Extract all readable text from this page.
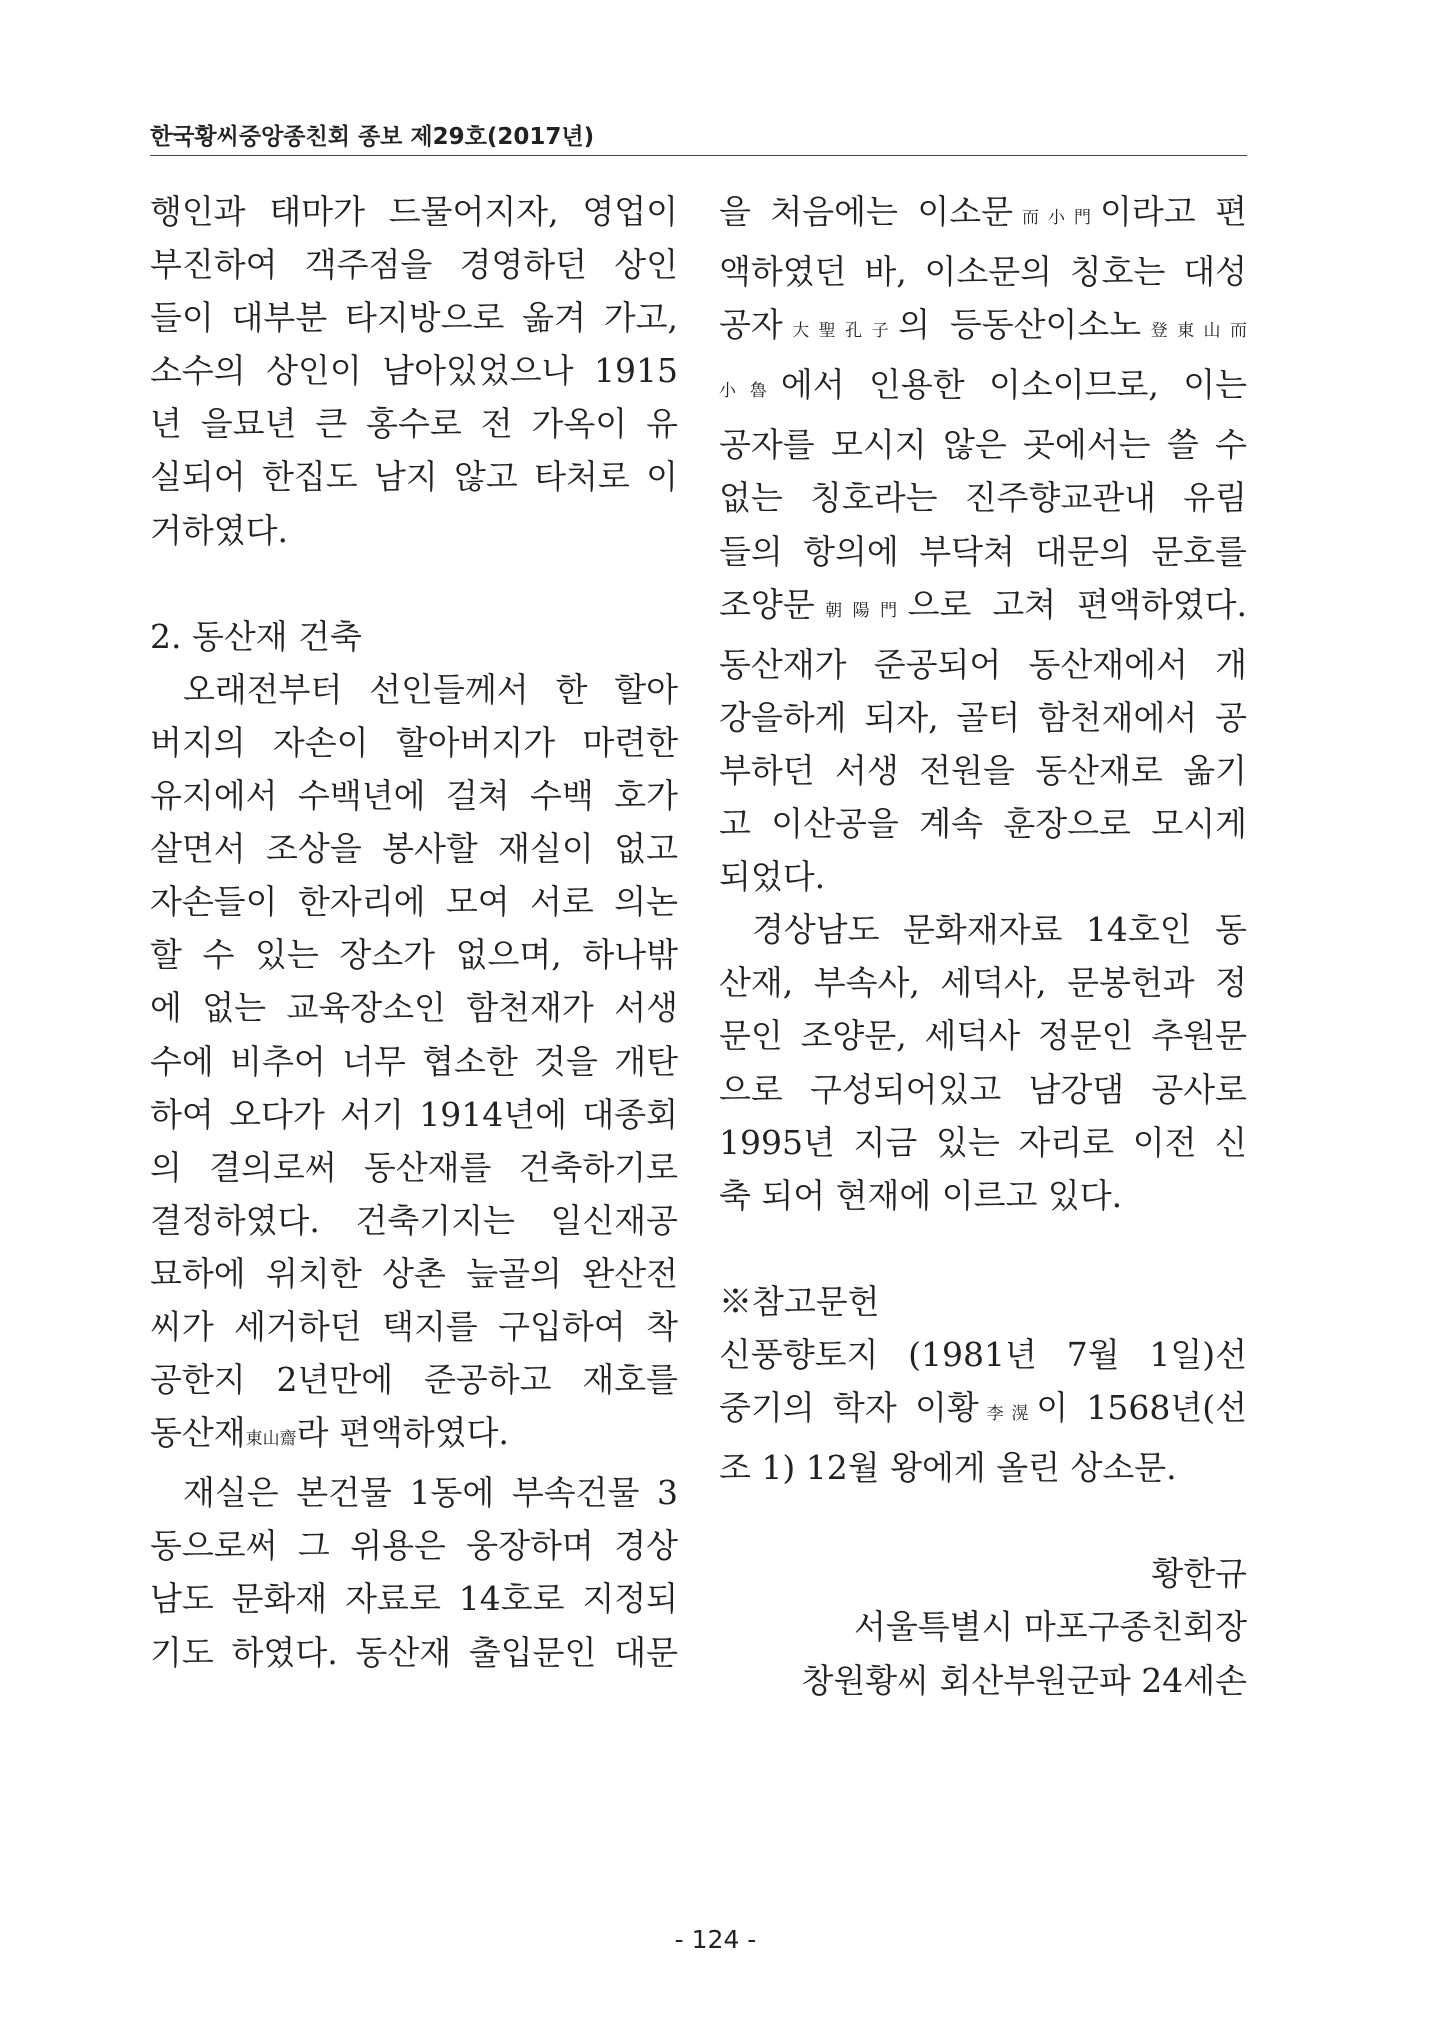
한국황씨중앙종친회 종보 제29호(2017년)

행인과 태마가 드물어지자, 영업이

부진하여 객주점을 경영하던 상인

들이 대부분 타지방으로 옮겨 가고,

소수의 상인이 남아있었으나 1915

년 을묘년 큰 홍수로 전 가옥이 유

실되어 한집도 남지 않고 타처로 이

거하였다.

2. 동산재 건축

오래전부터 선인들께서 한 할아

버지의 자손이 할아버지가 마련한

유지에서 수백년에 걸쳐 수백 호가

살면서 조상을 봉사할 재실이 없고

자손들이 한자리에 모여 서로 의논

할 수 있는 장소가 없으며, 하나밖

에 없는 교육장소인 함천재가 서생

수에 비추어 너무 협소한 것을 개탄

하여 오다가 서기 1914년에 대종회

의 결의로써 동산재를 건축하기로

결정하였다. 건축기지는 일신재공

묘하에 위치한 상촌 늪골의 완산전

씨가 세거하던 택지를 구입하여 착

공한지 2년만에 준공하고 재호를

동산재東山齋라 편액하였다.

재실은 본건물 1동에 부속건물 3

동으로써 그 위용은 웅장하며 경상

남도 문화재 자료로 14호로 지정되

기도 하였다. 동산재 출입문인 대문

을 처음에는 이소문而小門이라고 편

액하였던 바, 이소문의 칭호는 대성

공자大聖孔子의 등동산이소노登東山而

小魯에서 인용한 이소이므로, 이는

공자를 모시지 않은 곳에서는 쓸 수

없는 칭호라는 진주향교관내 유림

들의 항의에 부닥쳐 대문의 문호를

조양문朝陽門으로 고쳐 편액하였다.

동산재가 준공되어 동산재에서 개

강을하게 되자, 골터 함천재에서 공

부하던 서생 전원을 동산재로 옮기

고 이산공을 계속 훈장으로 모시게

되었다.

경상남도 문화재자료 14호인 동

산재, 부속사, 세덕사, 문봉헌과 정

문인 조양문, 세덕사 정문인 추원문

으로 구성되어있고 남강댐 공사로

1995년 지금 있는 자리로 이전 신

축 되어 현재에 이르고 있다.

※참고문헌

신풍향토지 (1981년 7월 1일)선

중기의 학자 이황李滉이 1568년(선

조 1) 12월 왕에게 올린 상소문.

황한규

서울특별시 마포구종친회장

창원황씨 회산부원군파 24세손

- 124 -
